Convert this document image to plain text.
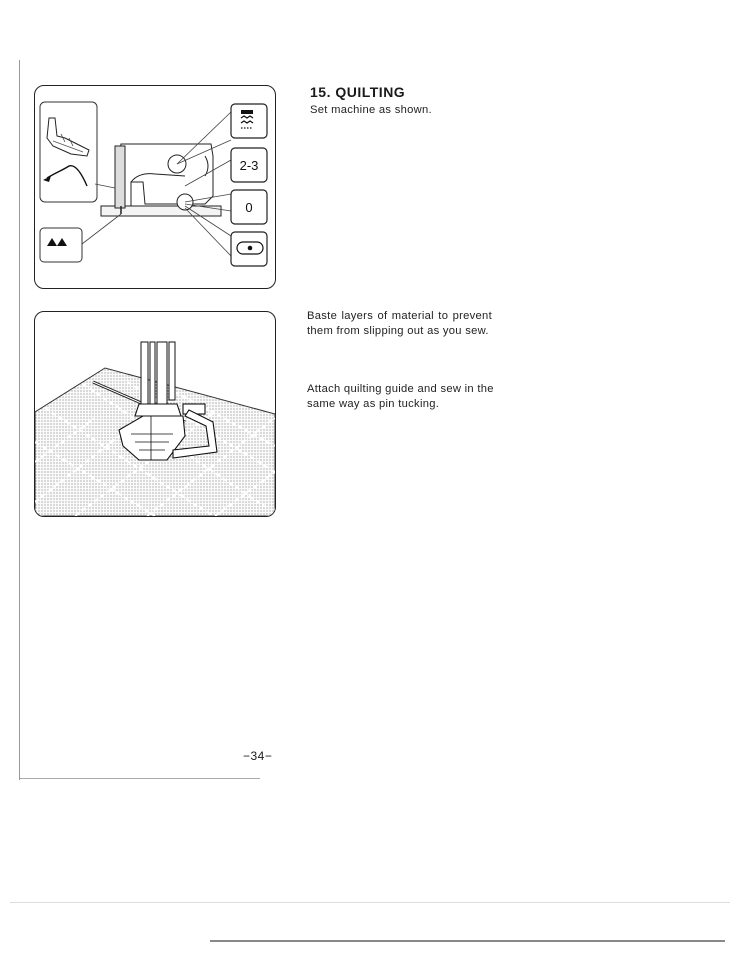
15. QUILTING
Set machine as shown.
2-3
0
Baste layers of material to prevent them from slipping out as you sew.
Attach quilting guide and sew in the same way as pin tucking.
−34−
